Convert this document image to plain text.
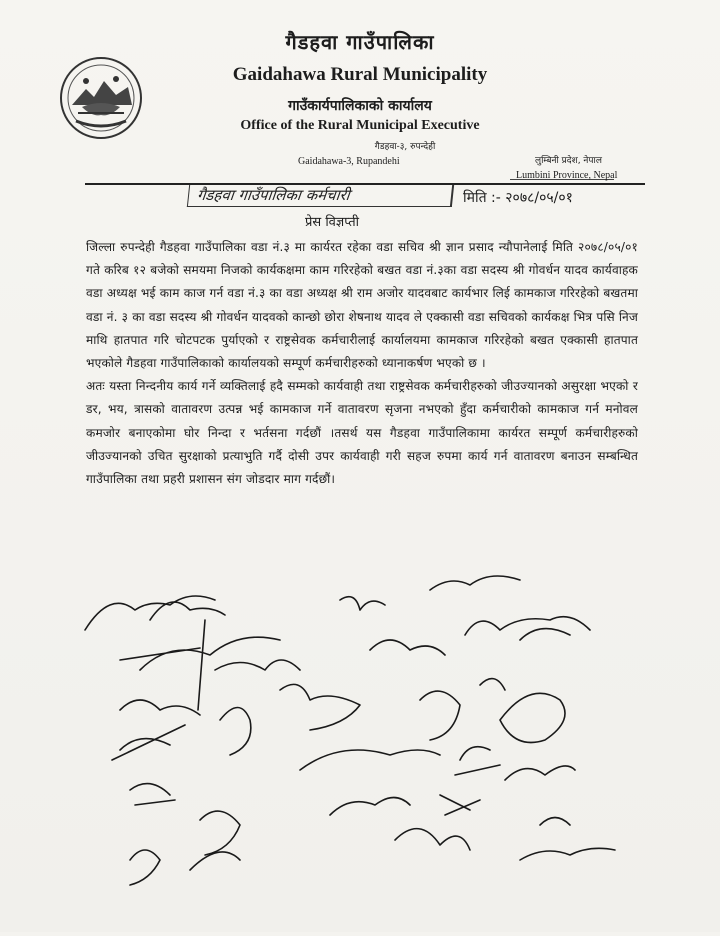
गैडहवा गाउँपालिका
Gaidahawa Rural Municipality
गाउँकार्यपालिकाको कार्यालय
Office of the Rural Municipal Executive
गैडहवा-३, रुपन्देही
Gaidahawa-3, Rupandehi	लुम्बिनी प्रदेश, नेपाल
Lumbini Province, Nepal
गैडहवा गाउँपालिका कर्मचारी	मिति :- २०७८/०५/०१
प्रेस विज्ञप्ती

जिल्ला रुपन्देही गैडहवा गाउँपालिका वडा नं.३ मा कार्यरत रहेका वडा सचिव श्री ज्ञान प्रसाद न्यौपानेलाई मिति २०७८/०५/०१ गते करिब १२ बजेको समयमा निजको कार्यकक्षमा काम गरिरहेको बखत वडा नं.३का वडा सदस्य श्री गोवर्धन यादव कार्यवाहक वडा अध्यक्ष भई काम काज गर्न वडा नं.३ का वडा अध्यक्ष श्री राम अजोर यादवबाट कार्यभार लिई कामकाज गरिरहेको बखतमा वडा नं. ३ का वडा सदस्य श्री गोवर्धन यादवको कान्छो छोरा शेषनाथ यादव ले एक्कासी वडा सचिवको कार्यकक्ष भित्र पसि निज माथि हातपात गरि चोटपटक पुर्याएको र राष्ट्रसेवक कर्मचारीलाई कार्यालयमा कामकाज गरिरहेको बखत एक्कासी हातपात भएकोले गैडहवा गाउँपालिकाको कार्यालयको सम्पूर्ण कर्मचारीहरुको ध्यानाकर्षण भएको छ ।

अतः यस्ता निन्दनीय कार्य गर्ने व्यक्तिलाई हदै सम्मको कार्यवाही तथा राष्ट्रसेवक कर्मचारीहरुको जीउज्यानको असुरक्षा भएको र डर, भय, त्रासको वातावरण उत्पन्न भई कामकाज गर्ने वातावरण सृजना नभएको हुँदा कर्मचारीको कामकाज गर्न मनोवल कमजोर बनाएकोमा घोर निन्दा र भर्तसना गर्दछौं ।तसर्थ यस गैडहवा गाउँपालिकामा कार्यरत सम्पूर्ण कर्मचारीहरुको जीउज्यानको उचित सुरक्षाको प्रत्याभुति गर्दै दोसी उपर कार्यवाही गरी सहज रुपमा कार्य गर्न वातावरण बनाउन सम्बन्धित गाउँपालिका तथा प्रहरी प्रशासन संग जोडदार माग गर्दछौं।
